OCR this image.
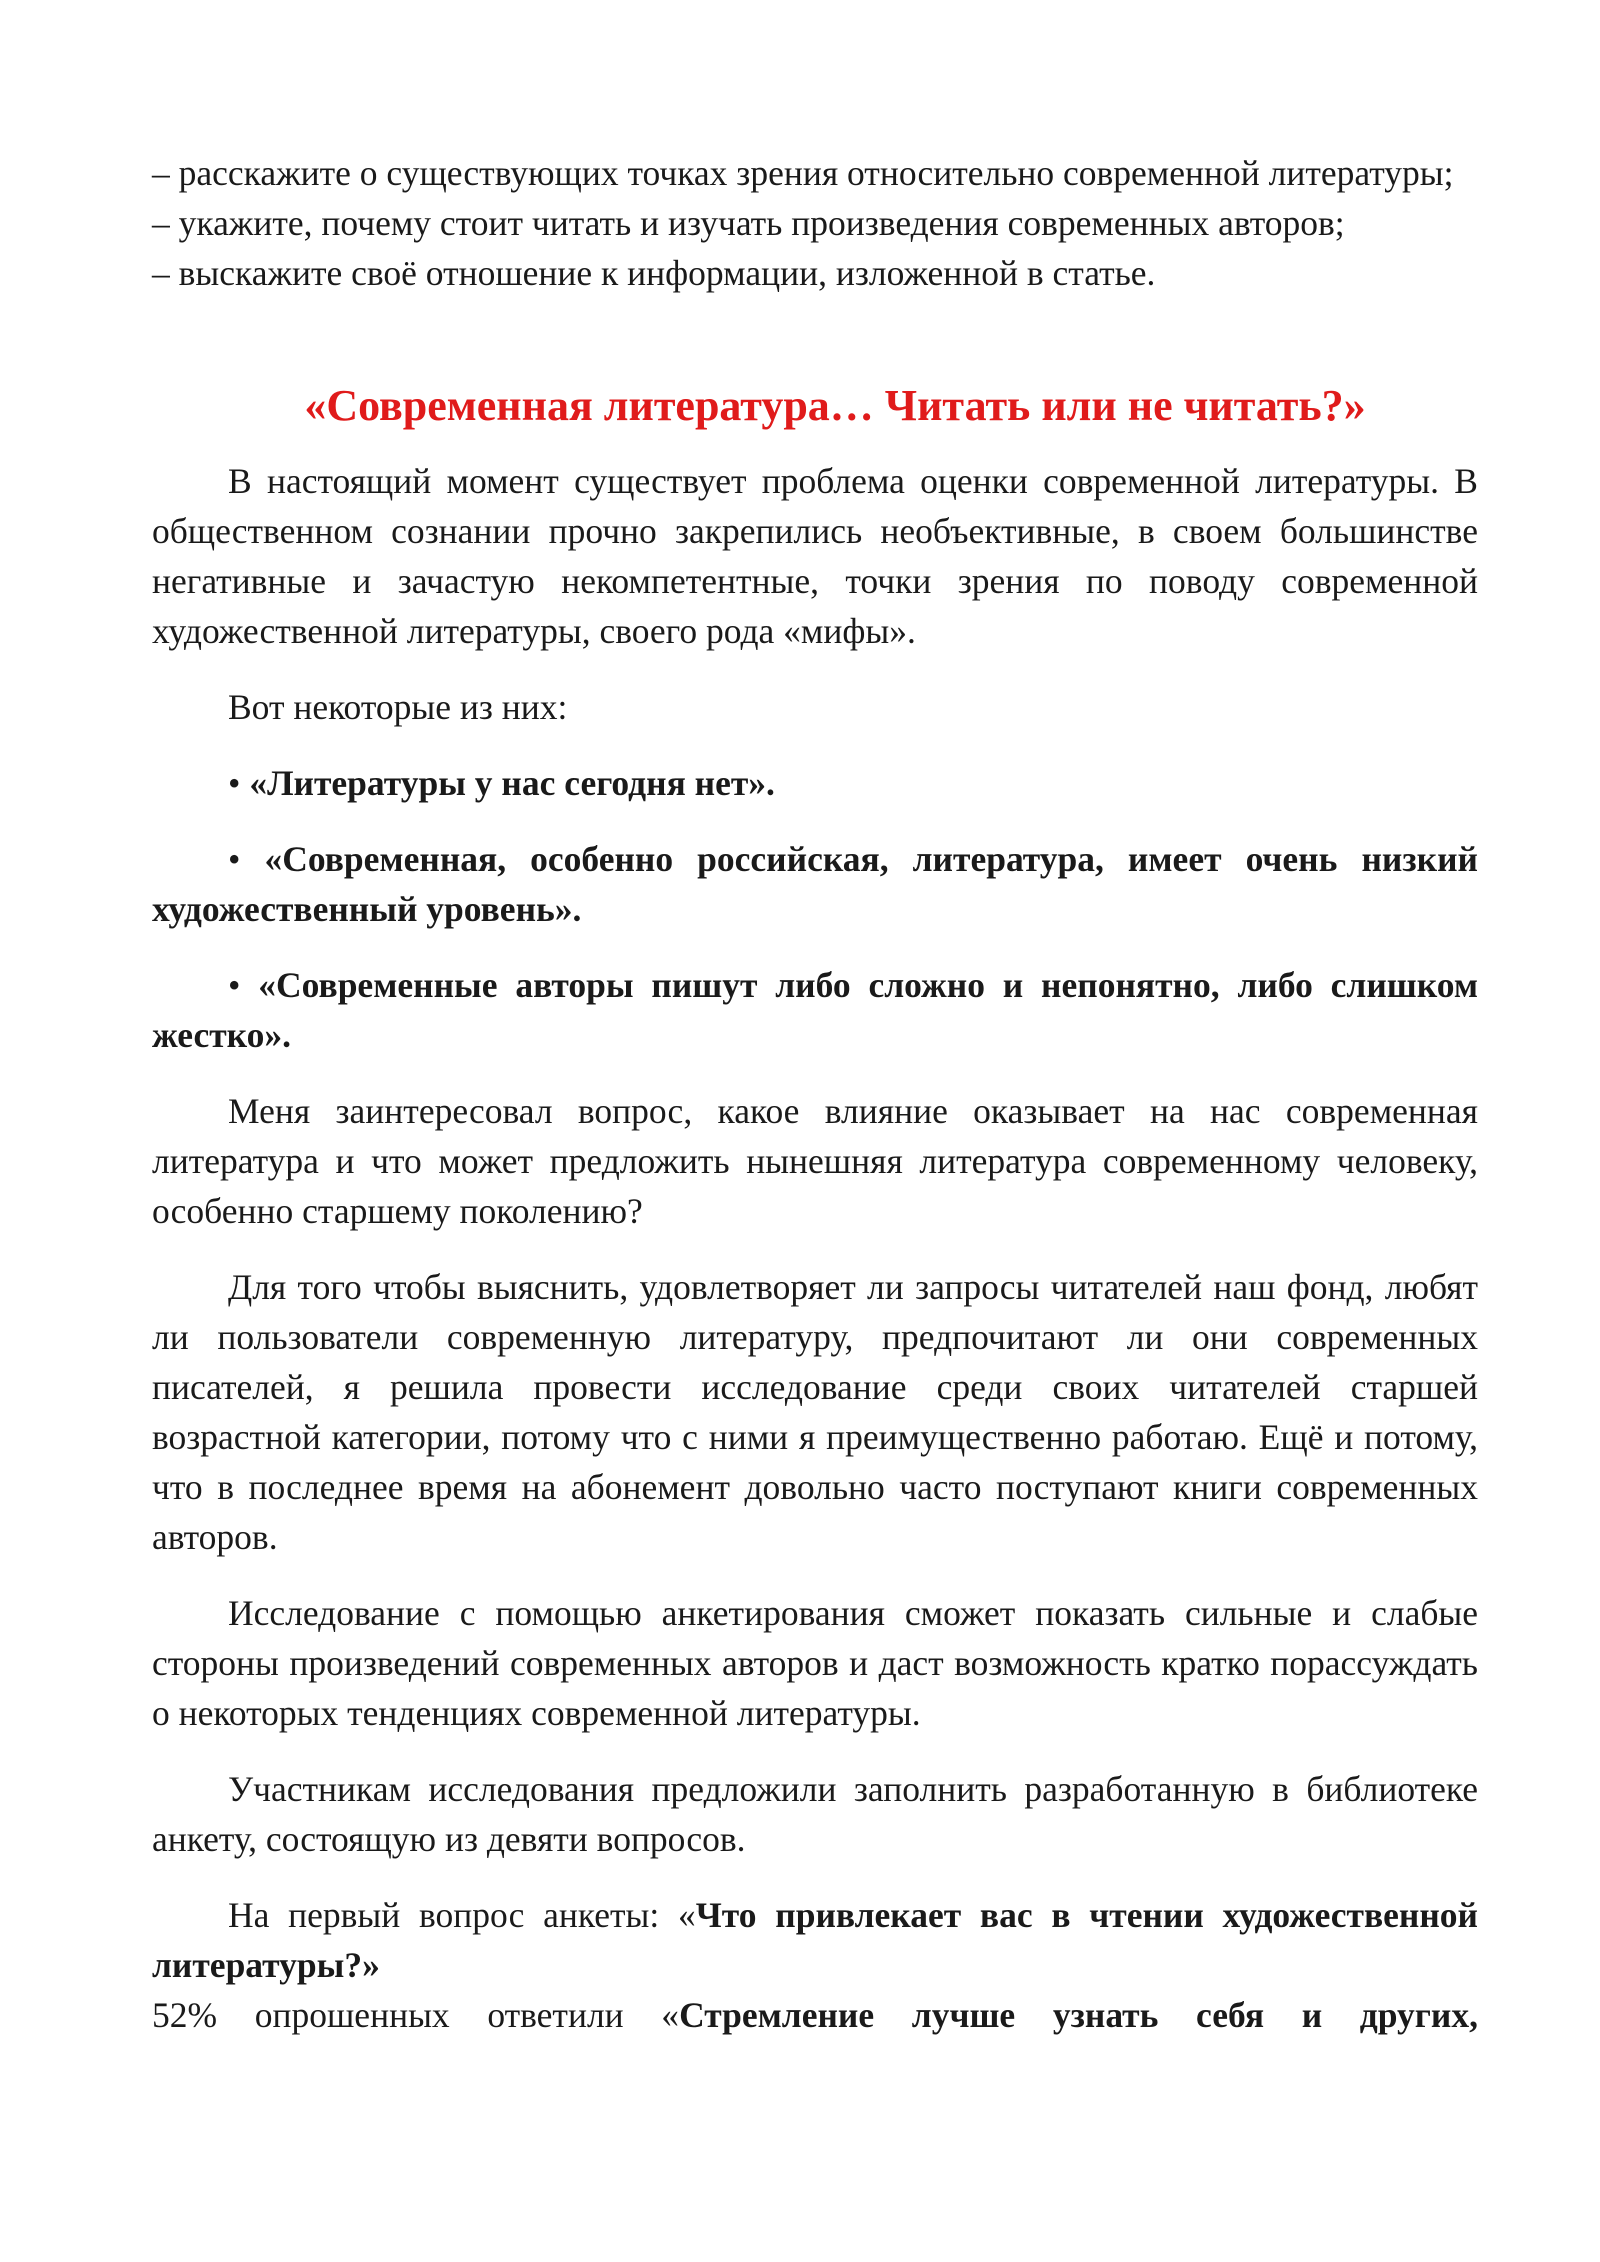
– расскажите о существующих точках зрения относительно современной литературы;

– укажите, почему стоит читать и изучать произведения современных авторов;

– выскажите своё отношение к информации, изложенной в статье.

«Современная литература… Читать или не читать?»

В настоящий момент существует проблема оценки современной литературы. В общественном сознании прочно закрепились необъективные, в своем большинстве негативные и зачастую некомпетентные, точки зрения по поводу современной художественной литературы, своего рода «мифы».

Вот некоторые из них:

• «Литературы у нас сегодня нет».

• «Современная, особенно российская, литература, имеет очень низкий художественный уровень».

• «Современные авторы пишут либо сложно и непонятно, либо слишком жестко».

Меня заинтересовал вопрос, какое влияние оказывает на нас современная литература и что может предложить нынешняя литература современному человеку, особенно старшему поколению?

Для того чтобы выяснить, удовлетворяет ли запросы читателей наш фонд, любят ли пользователи современную литературу, предпочитают ли они современных писателей, я решила провести исследование среди своих читателей старшей возрастной категории, потому что с ними я преимущественно работаю. Ещё и потому, что в последнее время на абонемент довольно часто поступают книги современных авторов.

Исследование с помощью анкетирования сможет показать сильные и слабые стороны произведений современных авторов и даст возможность кратко порассуждать о некоторых тенденциях современной литературы.

Участникам исследования предложили заполнить разработанную в библиотеке анкету, состоящую из девяти вопросов.

На первый вопрос анкеты: «Что привлекает вас в чтении художественной литературы?»

52% опрошенных ответили «Стремление лучше узнать себя и других,
